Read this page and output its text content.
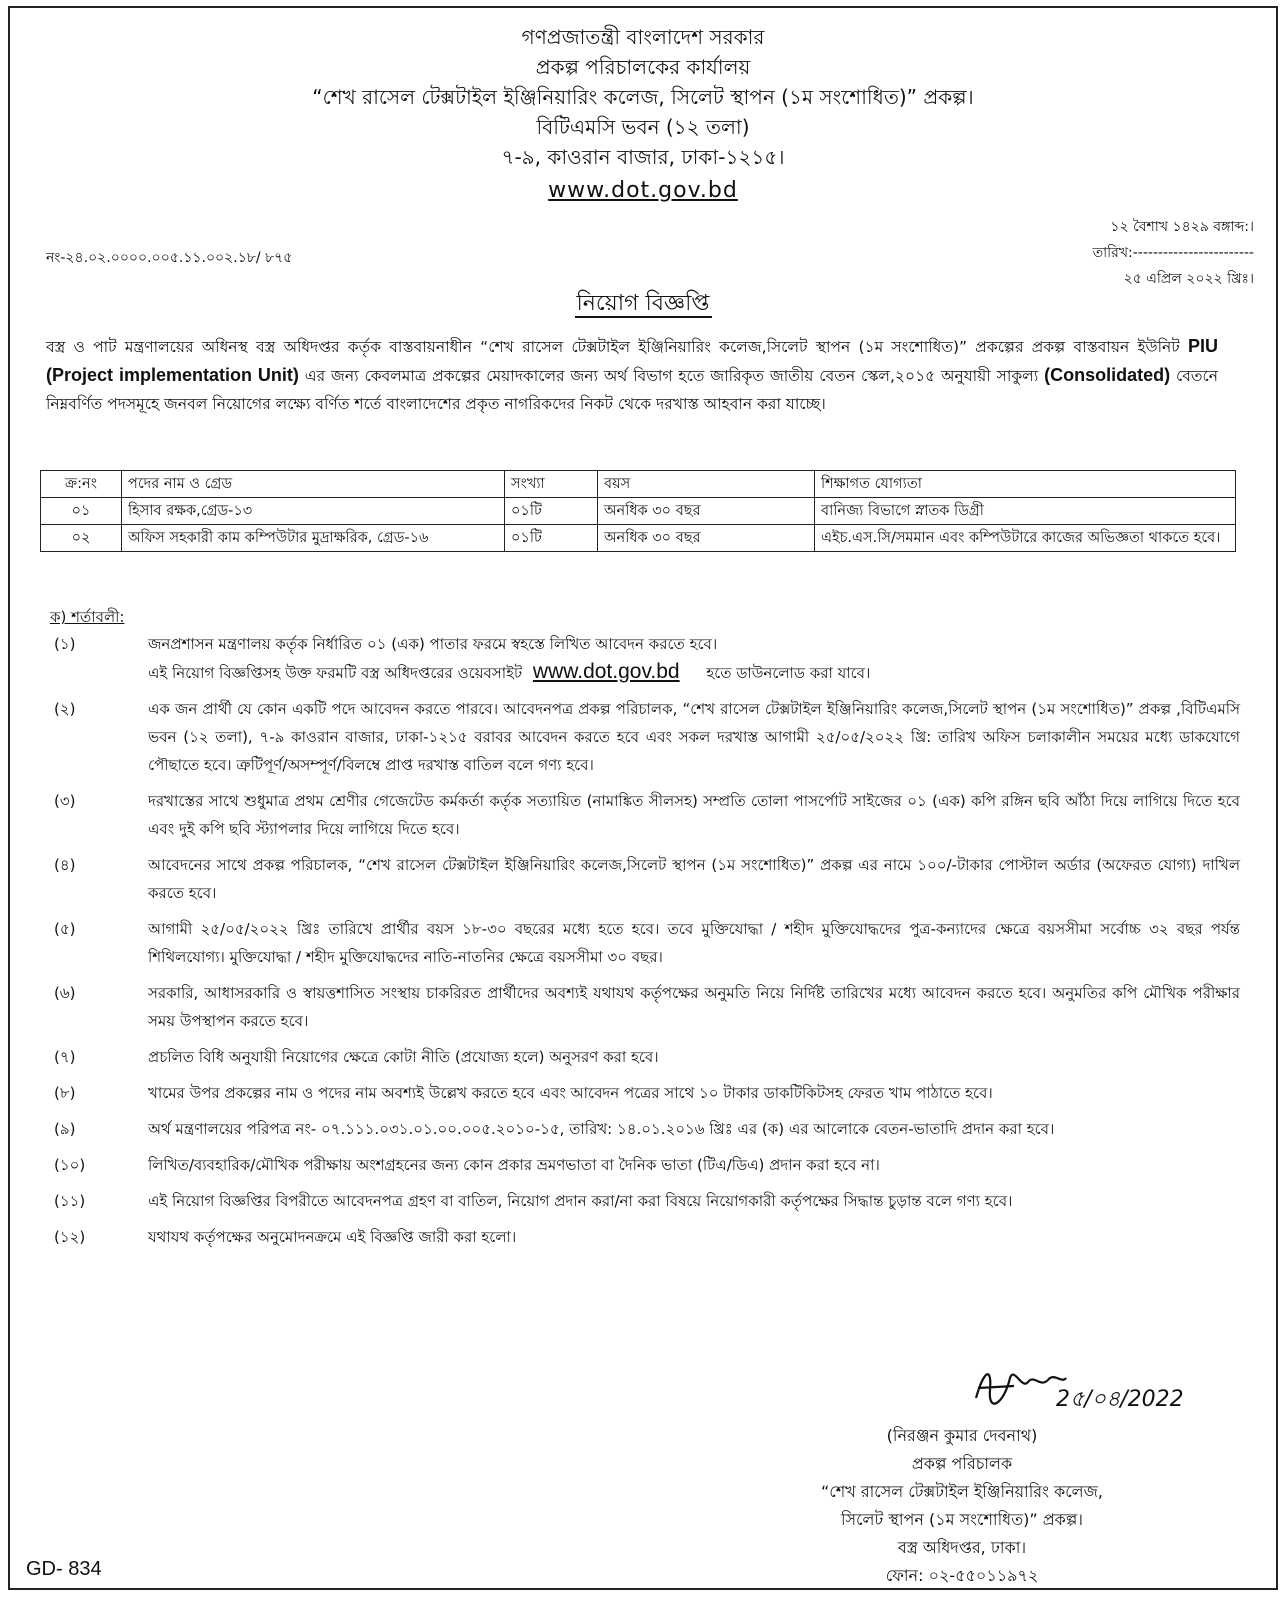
গণপ্রজাতন্ত্রী বাংলাদেশ সরকার
প্রকল্প পরিচালকের কার্যালয়
“শেখ রাসেল টেক্সটাইল ইঞ্জিনিয়ারিং কলেজ, সিলেট স্থাপন (১ম সংশোধিত)” প্রকল্প।
বিটিএমসি ভবন (১২ তলা)
৭-৯, কাওরান বাজার, ঢাকা-১২১৫।
www.dot.gov.bd
১২ বৈশাখ ১৪২৯ বঙ্গাব্দ:।
তারিখ:------------------------
২৫ এপ্রিল ২০২২ খ্রিঃ।
নং-২৪.০২.০০০০.০০৫.১১.০০২.১৮/ ৮৭৫
নিয়োগ বিজ্ঞপ্তি
বস্ত্র ও পাট মন্ত্রণালয়ের অধিনস্থ বস্ত্র অধিদপ্তর কর্তৃক বাস্তবায়নাধীন “শেখ রাসেল টেক্সটাইল ইঞ্জিনিয়ারিং কলেজ,সিলেট স্থাপন (১ম সংশোধিত)” প্রকল্পের প্রকল্প বাস্তবায়ন ইউনিট PIU (Project implementation Unit) এর জন্য কেবলমাত্র প্রকল্পের মেয়াদকালের জন্য অর্থ বিভাগ হতে জারিকৃত জাতীয় বেতন স্কেল,২০১৫ অনুযায়ী সাকুল্য (Consolidated) বেতনে নিম্নবর্ণিত পদসমূহে জনবল নিয়োগের লক্ষ্যে বর্ণিত শর্তে বাংলাদেশের প্রকৃত নাগরিকদের নিকট থেকে দরখাস্ত আহবান করা যাচ্ছে।
ক্র:নং	পদের নাম ও গ্রেড	সংখ্যা	বয়স	শিক্ষাগত যোগ্যতা
০১	হিসাব রক্ষক,গ্রেড-১৩	০১টি	অনধিক ৩০ বছর	বানিজ্য বিভাগে স্নাতক ডিগ্রী
০২	অফিস সহকারী কাম কম্পিউটার মুদ্রাক্ষরিক, গ্রেড-১৬	০১টি	অনধিক ৩০ বছর	এইচ.এস.সি/সমমান এবং কম্পিউটারে কাজের অভিজ্ঞতা থাকতে হবে।
ক) শর্তাবলী:
(১)	জনপ্রশাসন মন্ত্রণালয় কর্তৃক নির্ধারিত ০১ (এক) পাতার ফরমে স্বহস্তে লিখিত আবেদন করতে হবে।
এই নিয়োগ বিজ্ঞপ্তিসহ উক্ত ফরমটি বস্ত্র অধিদপ্তরের ওয়েবসাইট www.dot.gov.bd হতে ডাউনলোড করা যাবে।
(২)	এক জন প্রার্থী যে কোন একটি পদে আবেদন করতে পারবে। আবেদনপত্র প্রকল্প পরিচালক, “শেখ রাসেল টেক্সটাইল ইঞ্জিনিয়ারিং কলেজ,সিলেট স্থাপন (১ম সংশোধিত)” প্রকল্প ,বিটিএমসি ভবন (১২ তলা), ৭-৯ কাওরান বাজার, ঢাকা-১২১৫ বরাবর আবেদন করতে হবে এবং সকল দরখাস্ত আগামী ২৫/০৫/২০২২ খ্রি: তারিখ অফিস চলাকালীন সময়ের মধ্যে ডাকযোগে পৌছাতে হবে। ত্রুটিপূর্ণ/অসম্পূর্ণ/বিলম্বে প্রাপ্ত দরখাস্ত বাতিল বলে গণ্য হবে।
(৩)	দরখাস্তের সাথে শুধুমাত্র প্রথম শ্রেণীর গেজেটেড কর্মকর্তা কর্তৃক সত্যায়িত (নামাঙ্কিত সীলসহ) সম্প্রতি তোলা পাসর্পোট সাইজের ০১ (এক) কপি রঙ্গিন ছবি আঁঠা দিয়ে লাগিয়ে দিতে হবে এবং দুই কপি ছবি স্ট্যাপলার দিয়ে লাগিয়ে দিতে হবে।
(৪)	আবেদনের সাথে প্রকল্প পরিচালক, “শেখ রাসেল টেক্সটাইল ইঞ্জিনিয়ারিং কলেজ,সিলেট স্থাপন (১ম সংশোধিত)” প্রকল্প এর নামে ১০০/-টাকার পোস্টাল অর্ডার (অফেরত যোগ্য) দাখিল করতে হবে।
(৫)	আগামী ২৫/০৫/২০২২ খ্রিঃ তারিখে প্রার্থীর বয়স ১৮-৩০ বছরের মধ্যে হতে হবে। তবে মুক্তিযোদ্ধা / শহীদ মুক্তিযোদ্ধদের পুত্র-কন্যাদের ক্ষেত্রে বয়সসীমা সর্বোচ্চ ৩২ বছর পর্যন্ত শিথিলযোগ্য। মুক্তিযোদ্ধা / শহীদ মুক্তিযোদ্ধদের নাতি-নাতনির ক্ষেত্রে বয়সসীমা ৩০ বছর।
(৬)	সরকারি, আধাসরকারি ও স্বায়ত্তশাসিত সংস্থায় চাকরিরত প্রার্থীদের অবশ্যই যথাযথ কর্তৃপক্ষের অনুমতি নিয়ে নির্দিষ্ট তারিখের মধ্যে আবেদন করতে হবে। অনুমতির কপি মৌখিক পরীক্ষার সময় উপস্থাপন করতে হবে।
(৭)	প্রচলিত বিধি অনুযায়ী নিয়োগের ক্ষেত্রে কোটা নীতি (প্রযোজ্য হলে) অনুসরণ করা হবে।
(৮)	খামের উপর প্রকল্পের নাম ও পদের নাম অবশ্যই উল্লেখ করতে হবে এবং আবেদন পত্রের সাথে ১০ টাকার ডাকটিকিটসহ ফেরত খাম পাঠাতে হবে।
(৯)	অর্থ মন্ত্রণালয়ের পরিপত্র নং- ০৭.১১১.০৩১.০১.০০.০০৫.২০১০-১৫, তারিখ: ১৪.০১.২০১৬ খ্রিঃ এর (ক) এর আলোকে বেতন-ভাতাদি প্রদান করা হবে।
(১০)	লিখিত/ব্যবহারিক/মৌখিক পরীক্ষায় অংশগ্রহনের জন্য কোন প্রকার ভ্রমণভাতা বা দৈনিক ভাতা (টিএ/ডিএ) প্রদান করা হবে না।
(১১)	এই নিয়োগ বিজ্ঞপ্তির বিপরীতে আবেদনপত্র গ্রহণ বা বাতিল, নিয়োগ প্রদান করা/না করা বিষয়ে নিয়োগকারী কর্তৃপক্ষের সিদ্ধান্ত চুড়ান্ত বলে গণ্য হবে।
(১২)	যথাযথ কর্তৃপক্ষের অনুমোদনক্রমে এই বিজ্ঞপ্তি জারী করা হলো।
2৫/০৪/2022
(নিরঞ্জন কুমার দেবনাথ)
প্রকল্প পরিচালক
“শেখ রাসেল টেক্সটাইল ইঞ্জিনিয়ারিং কলেজ,
সিলেট স্থাপন (১ম সংশোধিত)” প্রকল্প।
বস্ত্র অধিদপ্তর, ঢাকা।
ফোন: ০২-৫৫০১১৯৭২
GD- 834
